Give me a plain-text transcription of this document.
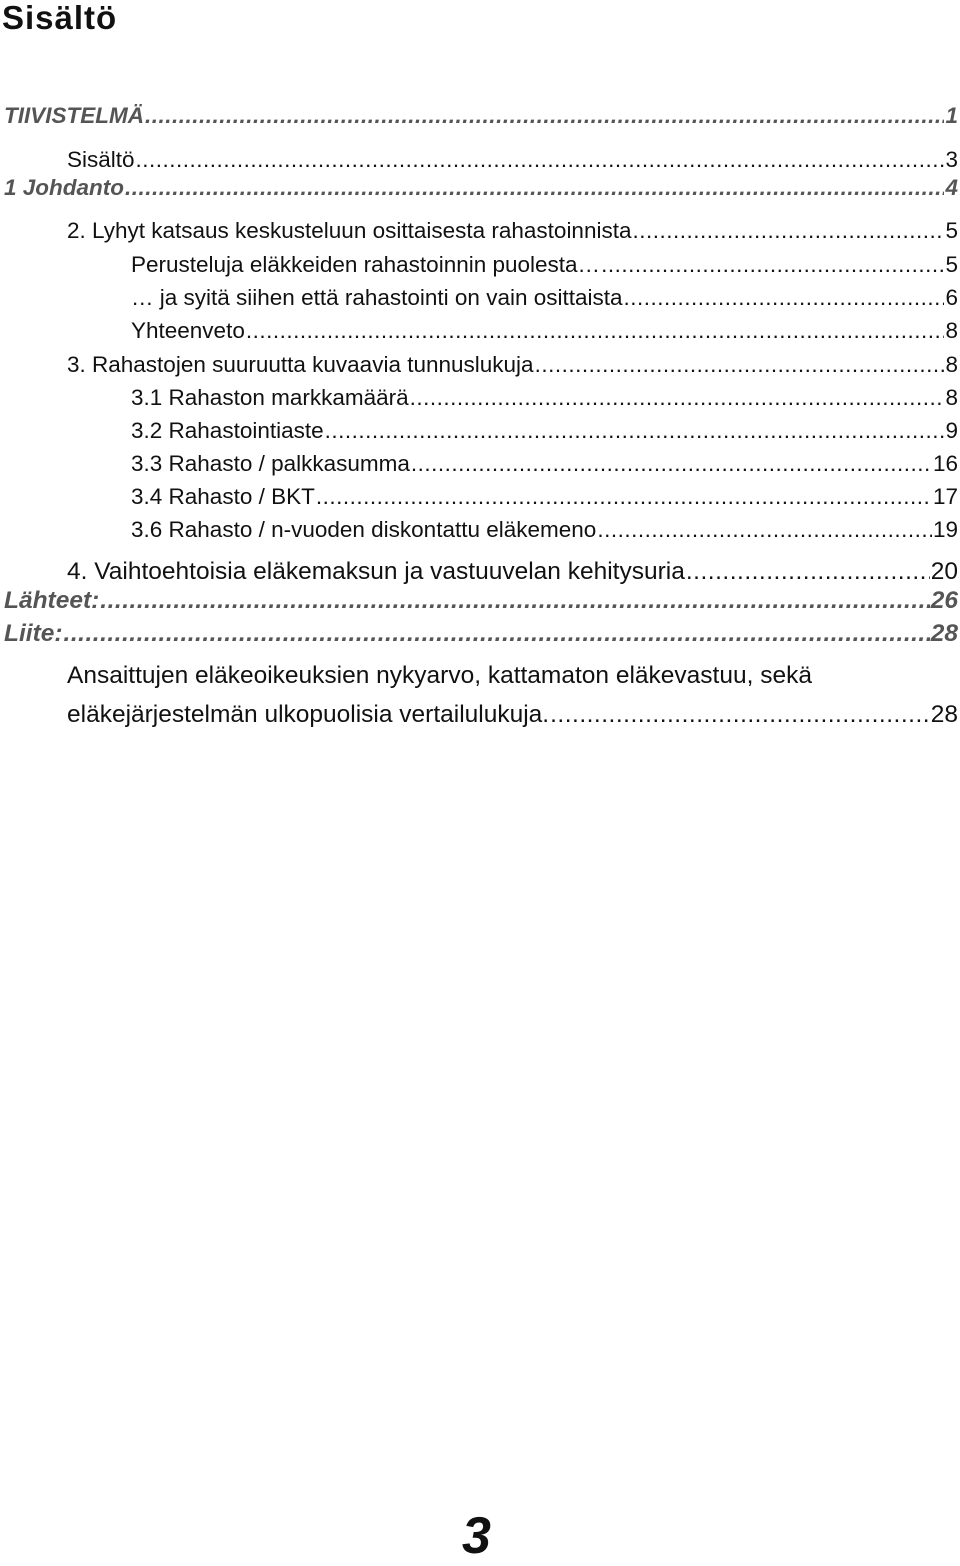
Sisältö
TIIVISTELMÄ .....	1
Sisältö .....	3
1 Johdanto .....	4
2. Lyhyt katsaus keskusteluun osittaisesta rahastoinnista .....	5
Perusteluja eläkkeiden rahastoinnin puolesta… .....	5
… ja syitä siihen että rahastointi on vain osittaista .....	6
Yhteenveto .....	8
3. Rahastojen suuruutta kuvaavia tunnuslukuja .....	8
3.1 Rahaston markkamäärä .....	8
3.2 Rahastointiaste .....	9
3.3 Rahasto / palkkasumma .....	16
3.4 Rahasto / BKT .....	17
3.6 Rahasto / n-vuoden diskontattu eläkemeno .....	19
4. Vaihtoehtoisia eläkemaksun ja vastuuvelan kehitysuria .....	20
Lähteet: .....	26
Liite: .....	28
Ansaittujen eläkeoikeuksien nykyarvo, kattamaton eläkevastuu, sekä
eläkejärjestelmän ulkopuolisia vertailulukuja. .....	28
3
